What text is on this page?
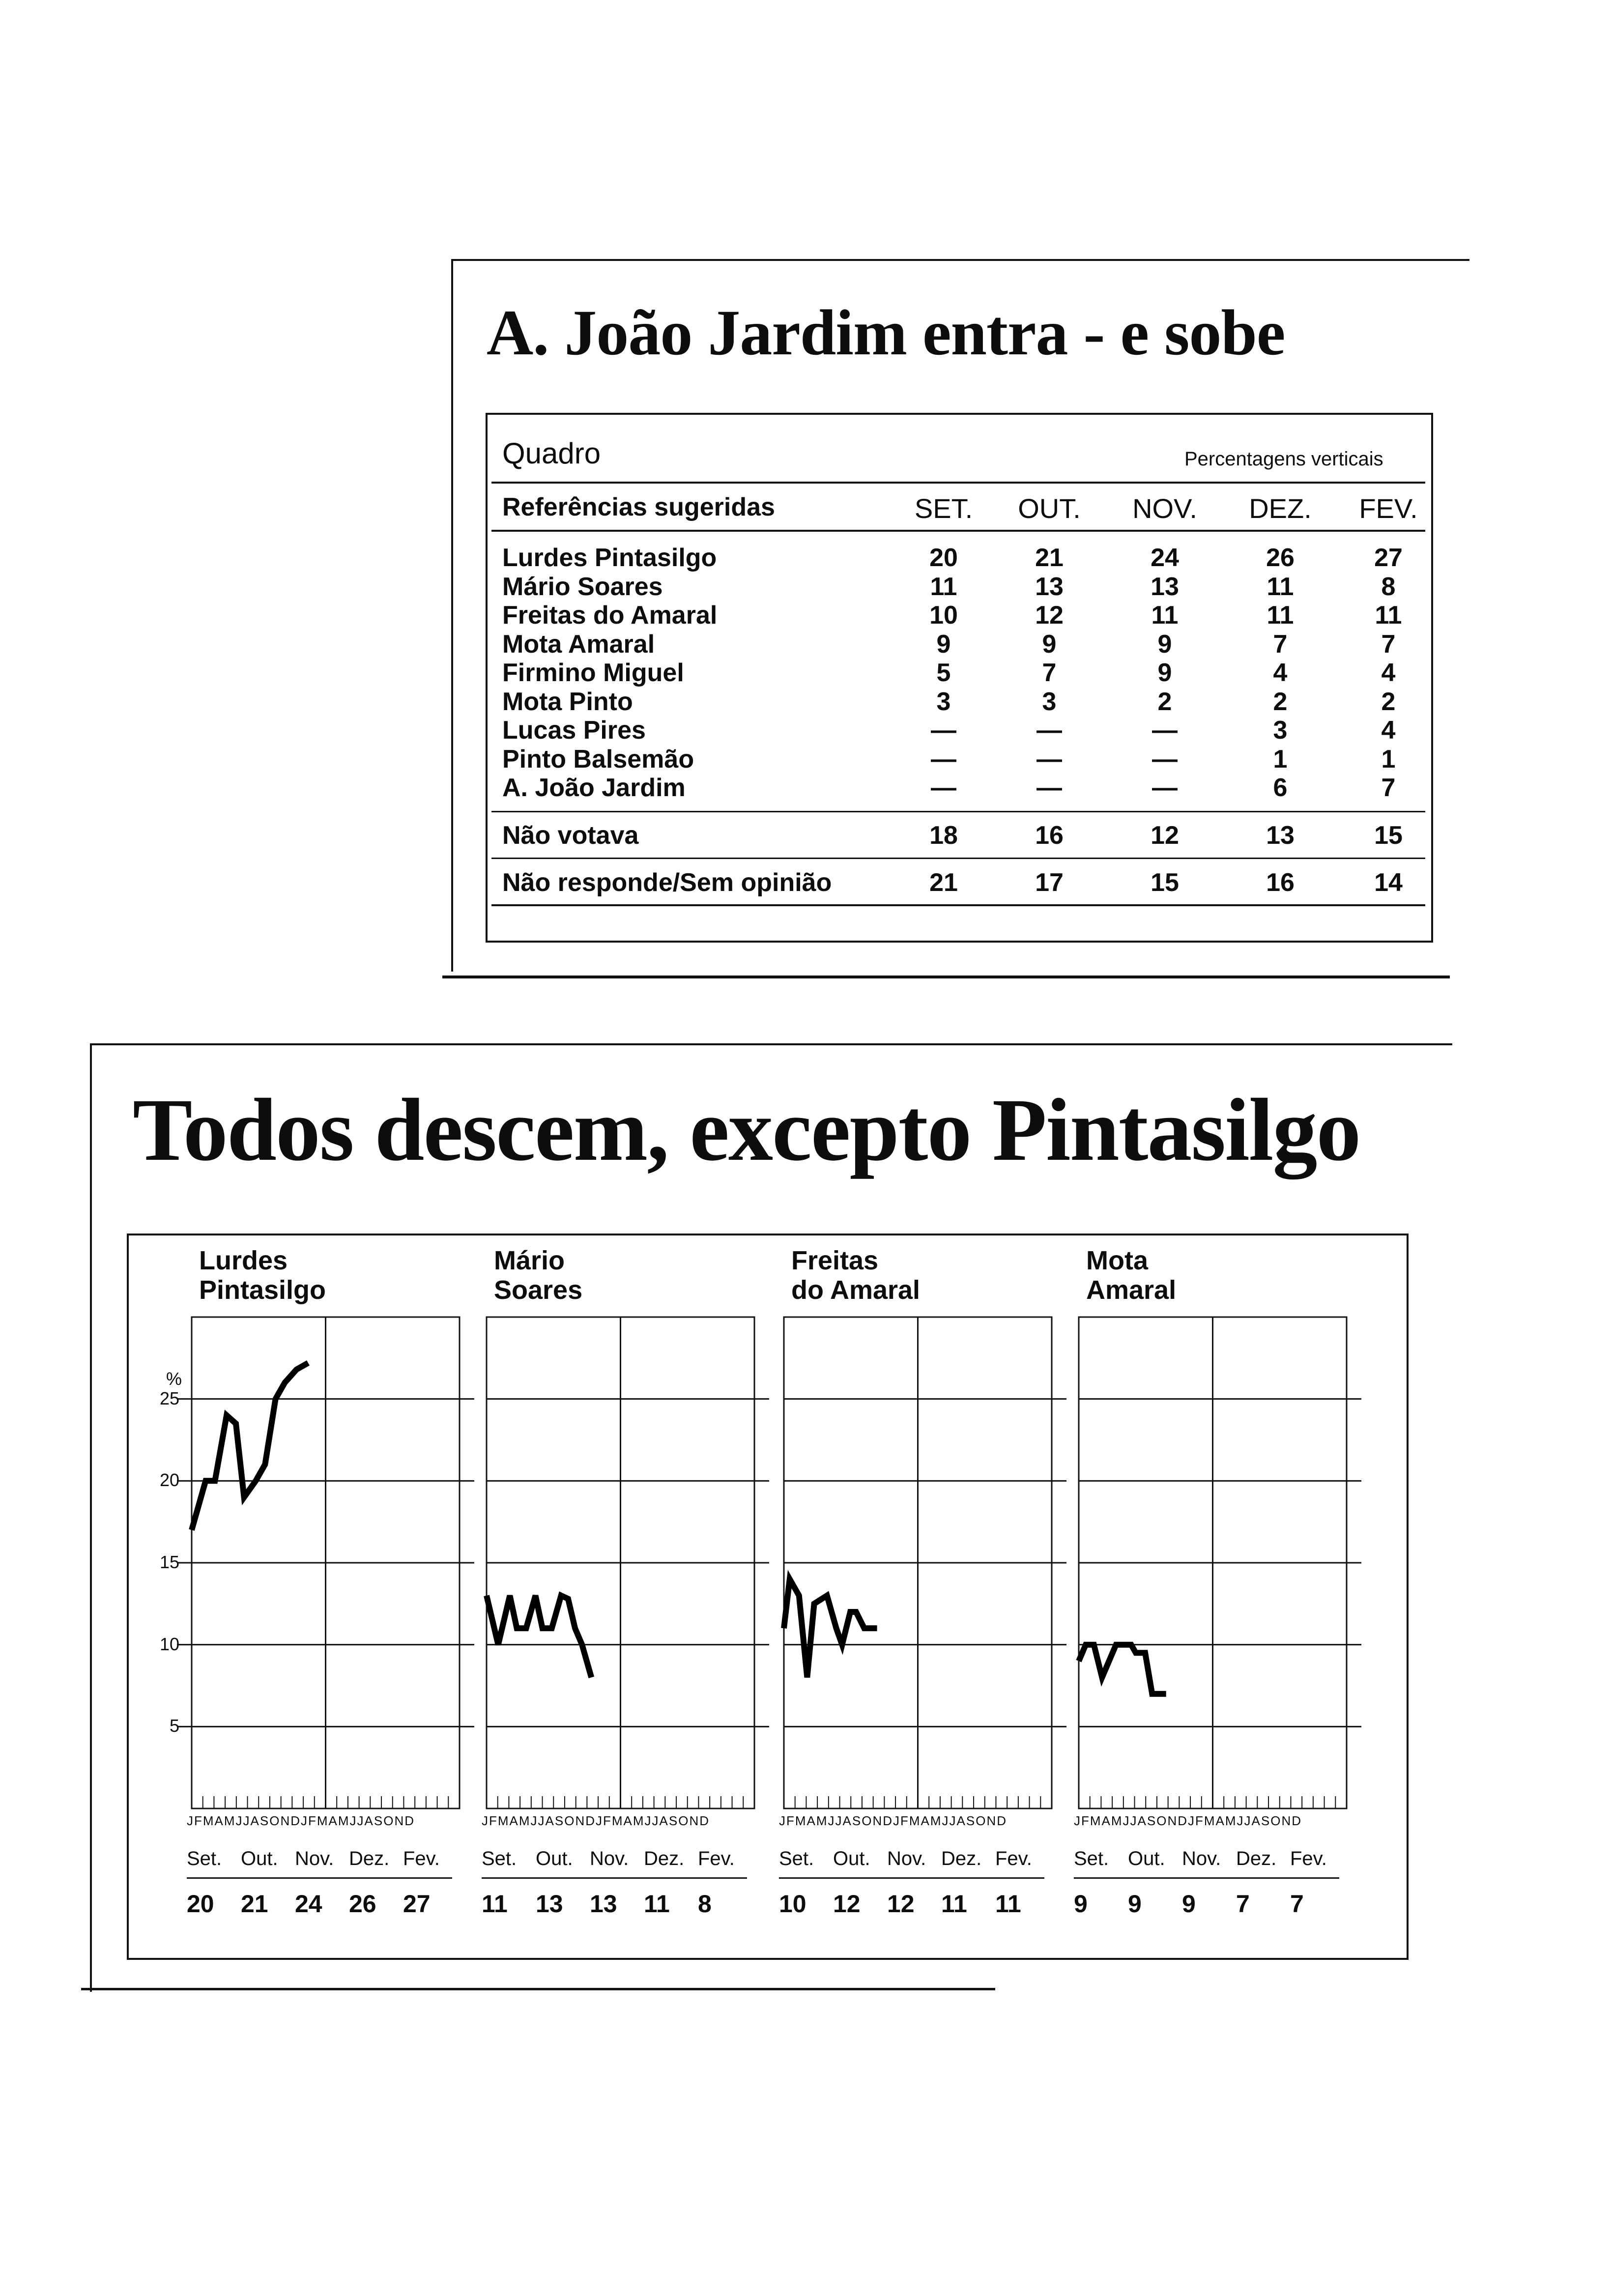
A. João Jardim entra - e sobe
Quadro	Percentagens verticais
Referências sugeridas	SET.	OUT. NOV. DEZ.	FEV.
Lurdes Pintasilgo	20	21	24	26	27
Mário Soares	11	13	13	11	8
Freitas do Amaral	10	12	11	11	11
Mota Amaral	9	9	9	7	7
Firmino Miguel	5	7	9	4	4
Mota Pinto	3	3	2	2	2
Lucas Pires	—	—	—	3	4
Pinto Balsemão	—	—	—	1	1
A. João Jardim	—	—	—	6	7
Não votava	18	16	12	13	15
Não responde/Sem opinião	21	17	15	16	14
Todos descem, excepto Pintasilgo
%
5
10
15
20
25
Lurdes
Pintasilgo
JFMAMJJASONDJFMAMJJASOND
Set. Out. Nov. Dez. Fev.
20 21 24 26 27
Mário
Soares
JFMAMJJASONDJFMAMJJASOND
Set. Out. Nov. Dez. Fev.
11 13 13 11 8
Freitas
do Amaral
JFMAMJJASONDJFMAMJJASOND
Set. Out. Nov. Dez. Fev.
10 12 12 11 11
Mota
Amaral
JFMAMJJASONDJFMAMJJASOND
Set. Out. Nov. Dez. Fev.
9 9 9 7 7
